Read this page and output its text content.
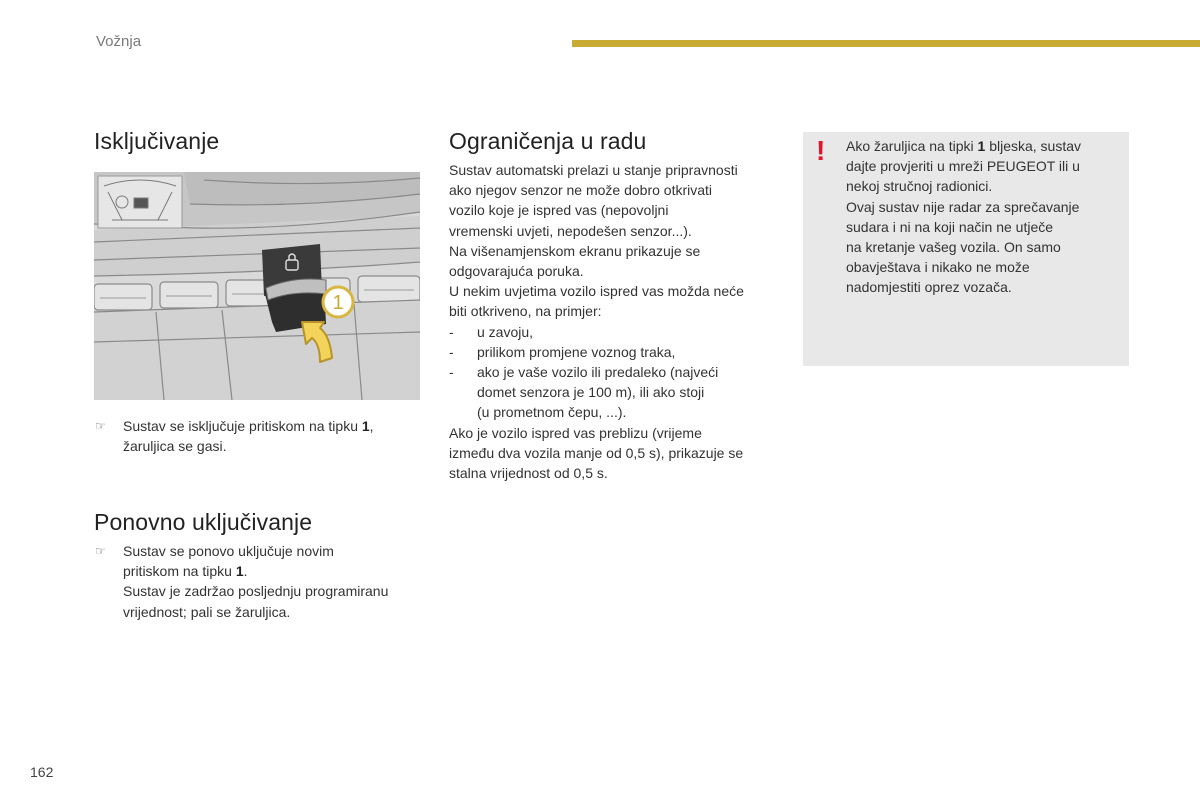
Vožnja
Isključivanje
1
☞ Sustav se isključuje pritiskom na tipku 1,
žaruljica se gasi.
Ponovno uključivanje
☞ Sustav se ponovo uključuje novim
pritiskom na tipku 1.
Sustav je zadržao posljednju programiranu
vrijednost; pali se žaruljica.
Ograničenja u radu
Sustav automatski prelazi u stanje pripravnosti
ako njegov senzor ne može dobro otkrivati
vozilo koje je ispred vas (nepovoljni
vremenski uvjeti, nepodešen senzor...).
Na višenamjenskom ekranu prikazuje se
odgovarajuća poruka.
U nekim uvjetima vozilo ispred vas možda neće
biti otkriveno, na primjer:
- u zavoju,
- prilikom promjene voznog traka,
- ako je vaše vozilo ili predaleko (najveći
domet senzora je 100 m), ili ako stoji
(u prometnom čepu, ...).
Ako je vozilo ispred vas preblizu (vrijeme
između dva vozila manje od 0,5 s), prikazuje se
stalna vrijednost od 0,5 s.
! Ako žaruljica na tipki 1 bljeska, sustav
dajte provjeriti u mreži PEUGEOT ili u
nekoj stručnoj radionici.
Ovaj sustav nije radar za sprečavanje
sudara i ni na koji način ne utječe
na kretanje vašeg vozila. On samo
obavještava i nikako ne može
nadomjestiti oprez vozača.
162
